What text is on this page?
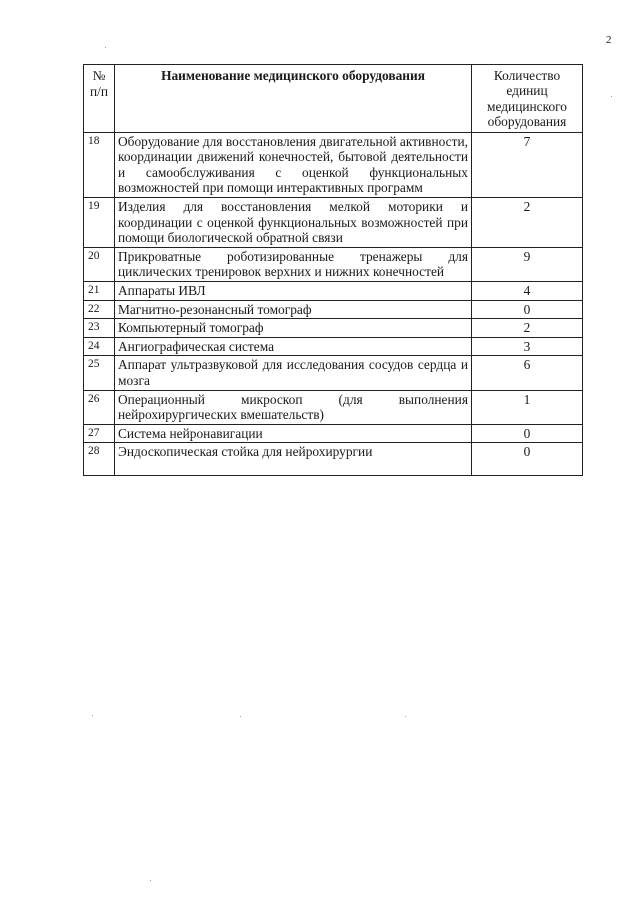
2
№ п/п	Наименование медицинского оборудования	Количество единиц медицинского оборудования
18	Оборудование для восстановления двигательной активности, координации движений конечностей, бытовой деятельности и самообслуживания с оценкой функциональных возможностей при помощи интерактивных программ	7
19	Изделия для восстановления мелкой моторики и координации с оценкой функциональных возможностей при помощи биологической обратной связи	2
20	Прикроватные роботизированные тренажеры для циклических тренировок верхних и нижних конечностей	9
21	Аппараты ИВЛ	4
22	Магнитно-резонансный томограф	0
23	Компьютерный томограф	2
24	Ангиографическая система	3
25	Аппарат ультразвуковой для исследования сосудов сердца и мозга	6
26	Операционный микроскоп (для выполнения нейрохирургических вмешательств)	1
27	Система нейронавигации	0
28	Эндоскопическая стойка для нейрохирургии	0
